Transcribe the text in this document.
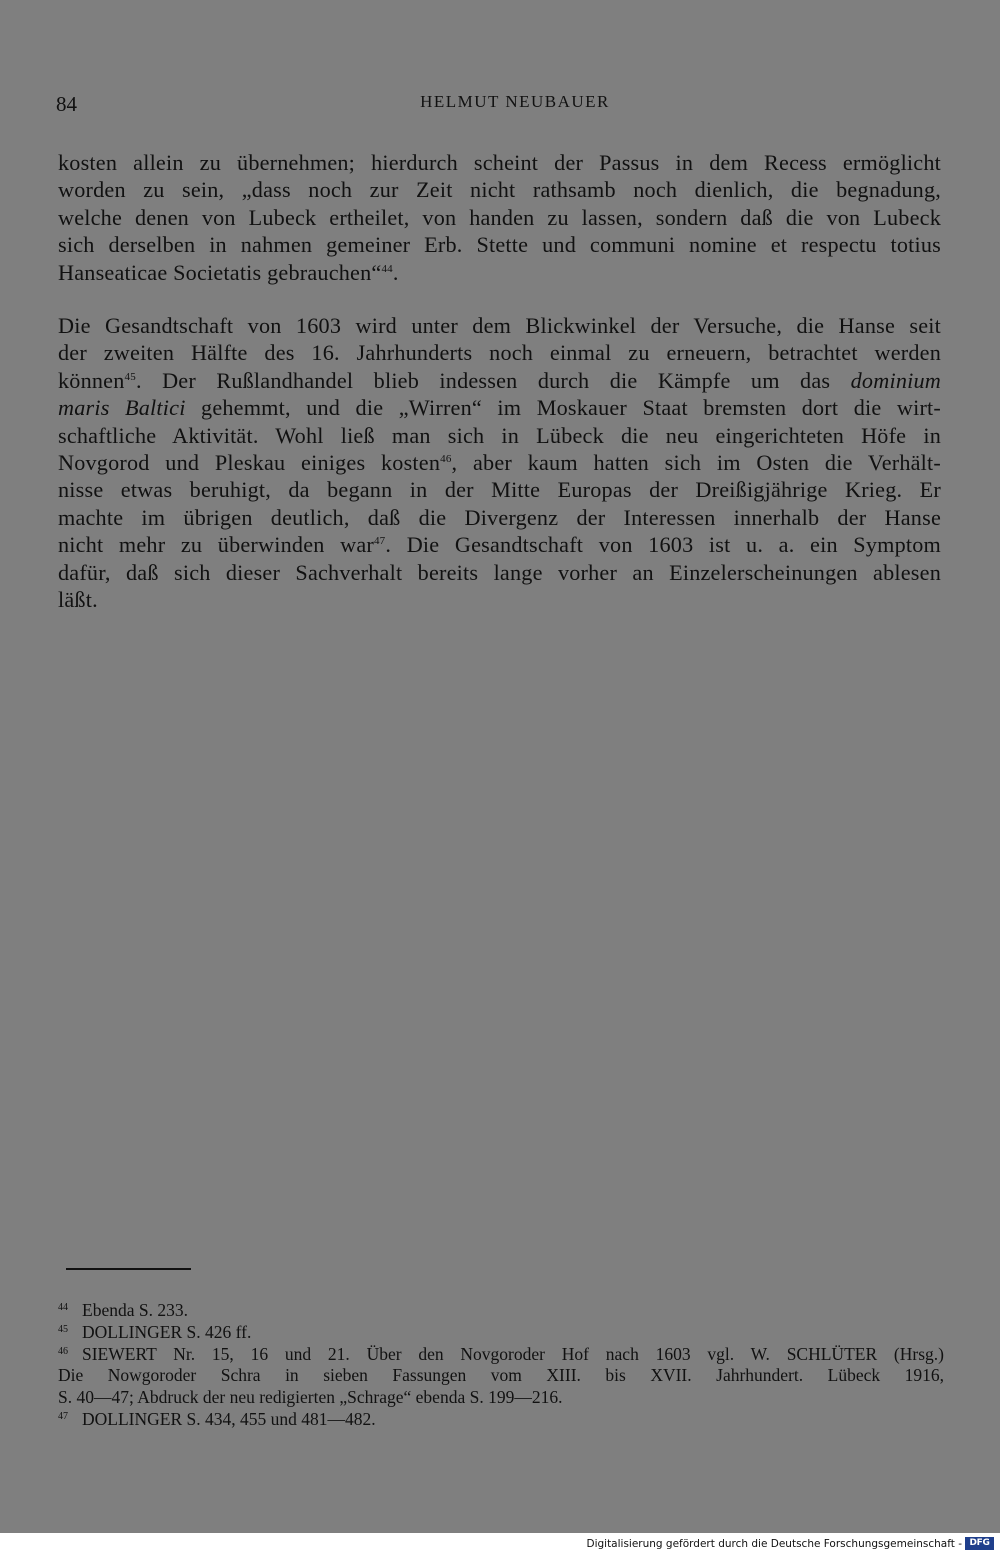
84	HELMUT NEUBAUER
kosten allein zu übernehmen; hierdurch scheint der Passus in dem Recess ermöglicht
worden zu sein, „dass noch zur Zeit nicht rathsamb noch dienlich, die begnadung,
welche denen von Lubeck ertheilet, von handen zu lassen, sondern daß die von Lubeck
sich derselben in nahmen gemeiner Erb. Stette und communi nomine et respectu totius
Hanseaticae Societatis gebrauchen“$^{44}$.
Die Gesandtschaft von 1603 wird unter dem Blickwinkel der Versuche, die Hanse seit
der zweiten Hälfte des 16. Jahrhunderts noch einmal zu erneuern, betrachtet werden
können$^{45}$. Der Rußlandhandel blieb indessen durch die Kämpfe um das dominium
maris Baltici gehemmt, und die „Wirren“ im Moskauer Staat bremsten dort die wirt-
schaftliche Aktivität. Wohl ließ man sich in Lübeck die neu eingerichteten Höfe in
Novgorod und Pleskau einiges kosten$^{46}$, aber kaum hatten sich im Osten die Verhält-
nisse etwas beruhigt, da begann in der Mitte Europas der Dreißigjährige Krieg. Er
machte im übrigen deutlich, daß die Divergenz der Interessen innerhalb der Hanse
nicht mehr zu überwinden war$^{47}$. Die Gesandtschaft von 1603 ist u. a. ein Symptom
dafür, daß sich dieser Sachverhalt bereits lange vorher an Einzelerscheinungen ablesen
läßt.
44 Ebenda S. 233.
45 DOLLINGER S. 426 ff.
46 SIEWERT Nr. 15, 16 und 21. Über den Novgoroder Hof nach 1603 vgl. W. SCHLÜTER (Hrsg.)
Die Nowgoroder Schra in sieben Fassungen vom XIII. bis XVII. Jahrhundert. Lübeck 1916,
S. 40—47; Abdruck der neu redigierten „Schrage“ ebenda S. 199—216.
47 DOLLINGER S. 434, 455 und 481—482.
Digitalisierung gefördert durch die Deutsche Forschungsgemeinschaft - DFG
